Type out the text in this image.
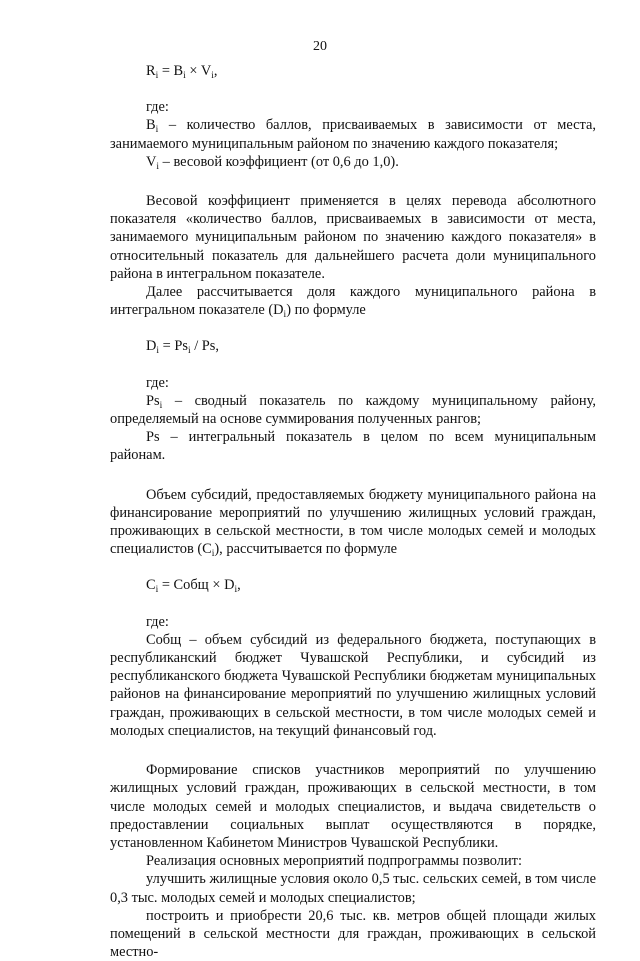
20

$R_i = B_i \times V_i$,

где:

$B_i$ – количество баллов, присваиваемых в зависимости от места, занимаемого муниципальным районом по значению каждого показателя;

$V_i$ – весовой коэффициент (от 0,6 до 1,0).

Весовой коэффициент применяется в целях перевода абсолютного показателя «количество баллов, присваиваемых в зависимости от места, занимаемого муниципальным районом по значению каждого показателя» в относительный показатель для дальнейшего расчета доли муниципального района в интегральном показателе.

Далее рассчитывается доля каждого муниципального района в интегральном показателе $(D_i)$ по формуле

$D_i = Ps_i / Ps$,

где:

$Ps_i$ – сводный показатель по каждому муниципальному району, определяемый на основе суммирования полученных рангов;

Ps – интегральный показатель в целом по всем муниципальным районам.

Объем субсидий, предоставляемых бюджету муниципального района на финансирование мероприятий по улучшению жилищных условий граждан, проживающих в сельской местности, в том числе молодых семей и молодых специалистов $(C_i)$, рассчитывается по формуле

$C_i$ = Cобщ × $D_i$,

где:

Cобщ – объем субсидий из федерального бюджета, поступающих в республиканский бюджет Чувашской Республики, и субсидий из республиканского бюджета Чувашской Республики бюджетам муниципальных районов на финансирование мероприятий по улучшению жилищных условий граждан, проживающих в сельской местности, в том числе молодых семей и молодых специалистов, на текущий финансовый год.

Формирование списков участников мероприятий по улучшению жилищных условий граждан, проживающих в сельской местности, в том числе молодых семей и молодых специалистов, и выдача свидетельств о предоставлении социальных выплат осуществляются в порядке, установленном Кабинетом Министров Чувашской Республики.

Реализация основных мероприятий подпрограммы позволит:

улучшить жилищные условия около 0,5 тыс. сельских семей, в том числе 0,3 тыс. молодых семей и молодых специалистов;

построить и приобрести 20,6 тыс. кв. метров общей площади жилых помещений в сельской местности для граждан, проживающих в сельской местно-
